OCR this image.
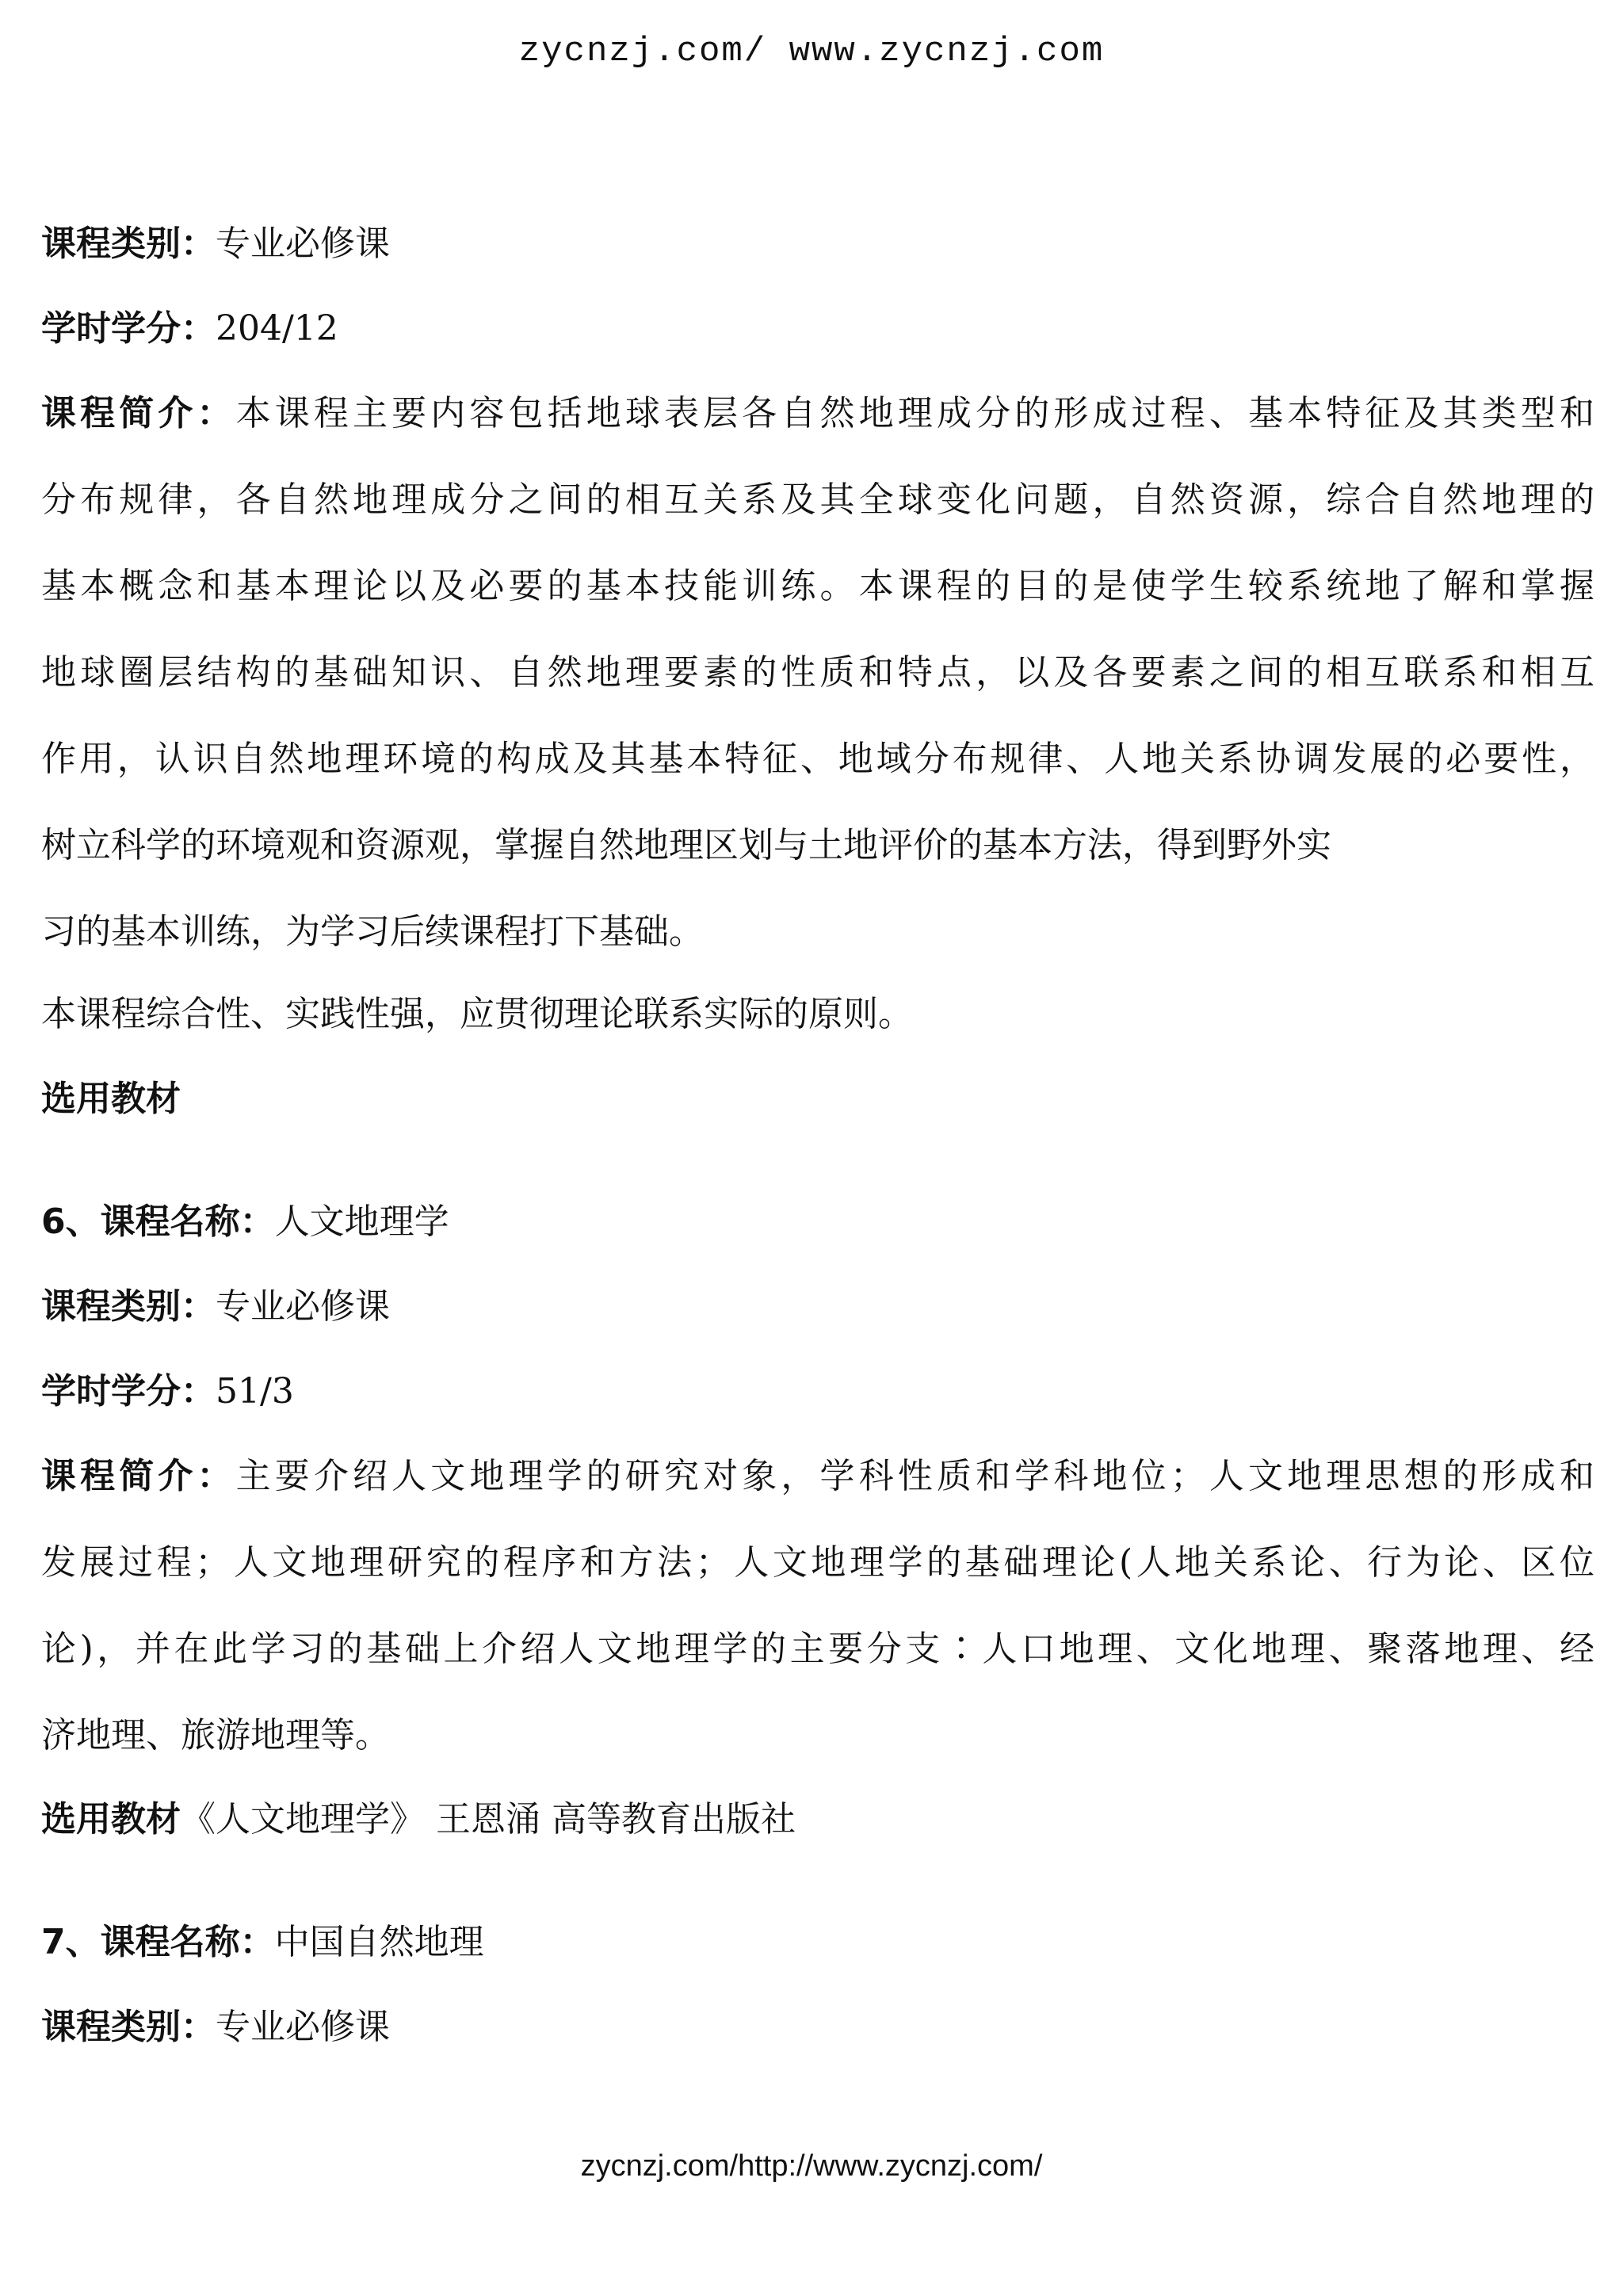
zycnzj.com/ www.zycnzj.com
课程类别：专业必修课
学时学分：204/12
课程简介：本课程主要内容包括地球表层各自然地理成分的形成过程、基本特征及其类型和
分布规律，各自然地理成分之间的相互关系及其全球变化问题，自然资源，综合自然地理的
基本概念和基本理论以及必要的基本技能训练。本课程的目的是使学生较系统地了解和掌握
地球圈层结构的基础知识、自然地理要素的性质和特点，以及各要素之间的相互联系和相互
作用，认识自然地理环境的构成及其基本特征、地域分布规律、人地关系协调发展的必要性，
树立科学的环境观和资源观，掌握自然地理区划与土地评价的基本方法，得到野外实
习的基本训练，为学习后续课程打下基础。
本课程综合性、实践性强，应贯彻理论联系实际的原则。
选用教材
6、课程名称：人文地理学
课程类别：专业必修课
学时学分：51/3
课程简介：主要介绍人文地理学的研究对象，学科性质和学科地位；人文地理思想的形成和
发展过程；人文地理研究的程序和方法；人文地理学的基础理论(人地关系论、行为论、区位
论)，并在此学习的基础上介绍人文地理学的主要分支∶人口地理、文化地理、聚落地理、经
济地理、旅游地理等。
选用教材《人文地理学》 王恩涌 高等教育出版社
7、课程名称：中国自然地理
课程类别：专业必修课
zycnzj.com/http://www.zycnzj.com/
